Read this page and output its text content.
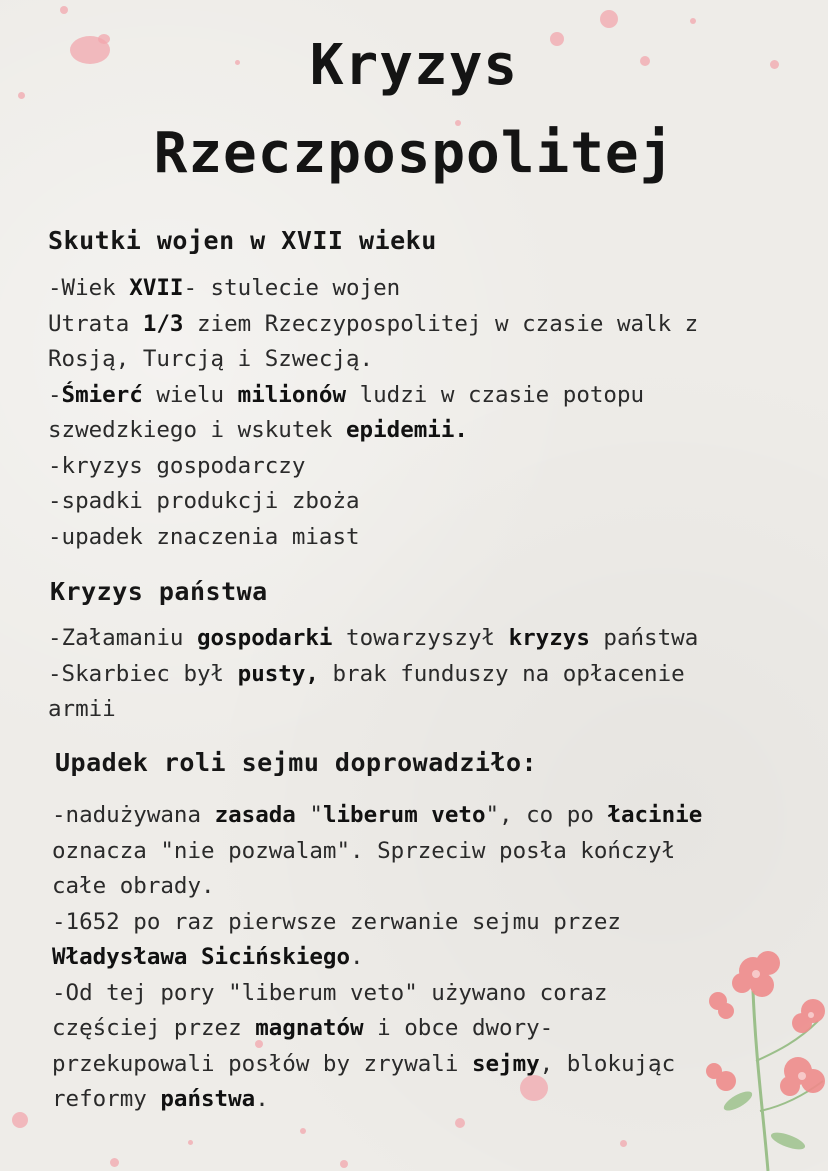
Kryzys
Rzeczpospolitej
Skutki wojen w XVII wieku
-Wiek XVII- stulecie wojen
Utrata 1/3 ziem Rzeczypospolitej w czasie walk z
Rosją, Turcją i Szwecją.
-Śmierć wielu milionów ludzi w czasie potopu
szwedzkiego i wskutek epidemii.
-kryzys gospodarczy
-spadki produkcji zboża
-upadek znaczenia miast
Kryzys państwa
-Załamaniu gospodarki towarzyszył kryzys państwa
-Skarbiec był pusty, brak funduszy na opłacenie
armii
Upadek roli sejmu doprowadziło:
-nadużywana zasada "liberum veto", co po łacinie
oznacza "nie pozwalam". Sprzeciw posła kończył
całe obrady.
-1652 po raz pierwsze zerwanie sejmu przez
Władysława Sicińskiego.
-Od tej pory "liberum veto" używano coraz
częściej przez magnatów i obce dwory-
przekupowali posłów by zrywali sejmy, blokując
reformy państwa.
